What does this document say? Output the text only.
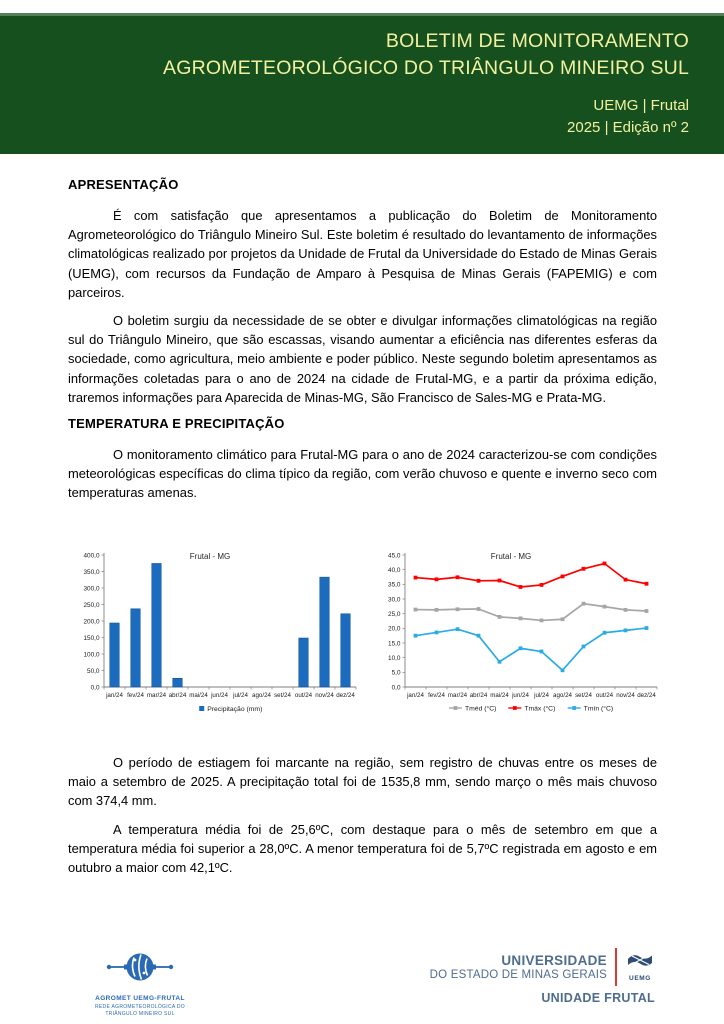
BOLETIM DE MONITORAMENTO
AGROMETEOROLÓGICO DO TRIÂNGULO MINEIRO SUL
UEMG | Frutal
2025 | Edição nº 2
APRESENTAÇÃO

É com satisfação que apresentamos a publicação do Boletim de Monitoramento Agrometeorológico do Triângulo Mineiro Sul. Este boletim é resultado do levantamento de informações climatológicas realizado por projetos da Unidade de Frutal da Universidade do Estado de Minas Gerais (UEMG), com recursos da Fundação de Amparo à Pesquisa de Minas Gerais (FAPEMIG) e com parceiros.

O boletim surgiu da necessidade de se obter e divulgar informações climatológicas na região sul do Triângulo Mineiro, que são escassas, visando aumentar a eficiência nas diferentes esferas da sociedade, como agricultura, meio ambiente e poder público. Neste segundo boletim apresentamos as informações coletadas para o ano de 2024 na cidade de Frutal-MG, e a partir da próxima edição, traremos informações para Aparecida de Minas-MG, São Francisco de Sales-MG e Prata-MG.

TEMPERATURA E PRECIPITAÇÃO

O monitoramento climático para Frutal-MG para o ano de 2024 caracterizou-se com condições meteorológicas específicas do clima típico da região, com verão chuvoso e quente e inverno seco com temperaturas amenas.

Frutal - MG
0,0
50,0
100,0
150,0
200,0
250,0
300,0
350,0
400,0
jan/24 fev/24 mar/24 abr/24 mai/24 jun/24 jul/24 ago/24 set/24 out/24 nov/24 dez/24
Precipitação (mm)
Frutal - MG
0,0
5,0
10,0
15,0
20,0
25,0
30,0
35,0
40,0
45,0
jan/24 fev/24 mar/24 abr/24 mai/24 jun/24 jul/24 ago/24 set/24 out/24 nov/24 dez/24
Tméd (°C)	Tmáx (°C)	Tmín (°C)

O período de estiagem foi marcante na região, sem registro de chuvas entre os meses de maio a setembro de 2025. A precipitação total foi de 1535,8 mm, sendo março o mês mais chuvoso com 374,4 mm.

A temperatura média foi de 25,6ºC, com destaque para o mês de setembro em que a temperatura média foi superior a 28,0ºC. A menor temperatura foi de 5,7ºC registrada em agosto e em outubro a maior com 42,1ºC.

AGROMET UEMG-FRUTAL
REDE AGROMETEOROLÓGICA DO
TRIÂNGULO MINEIRO SUL
UNIVERSIDADE
DO ESTADO DE MINAS GERAIS	UEMG
UNIDADE FRUTAL
